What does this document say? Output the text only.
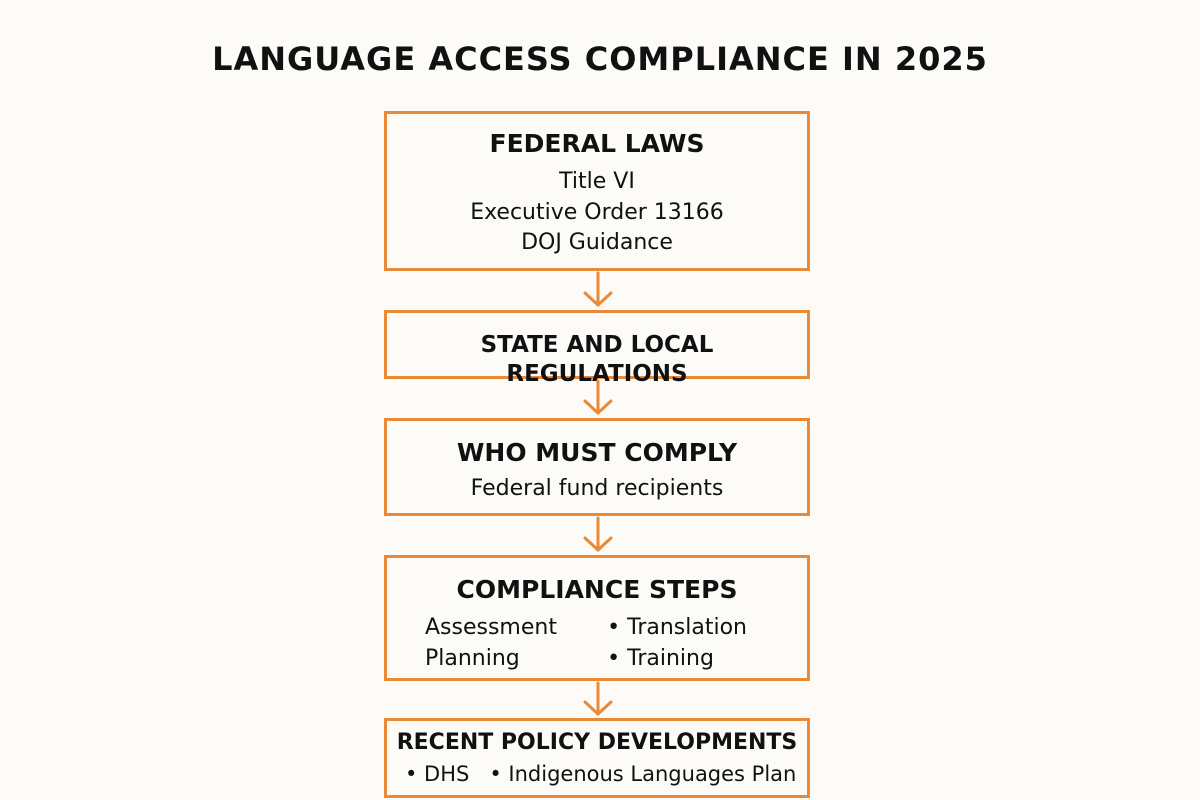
LANGUAGE ACCESS COMPLIANCE IN 2025
FEDERAL LAWS
Title VI
Executive Order 13166
DOJ Guidance
STATE AND LOCAL REGULATIONS
WHO MUST COMPLY
Federal fund recipients
COMPLIANCE STEPS
Assessment
Planning
• Translation
• Training
RECENT POLICY DEVELOPMENTS
• DHS • Indigenous Languages Plan
